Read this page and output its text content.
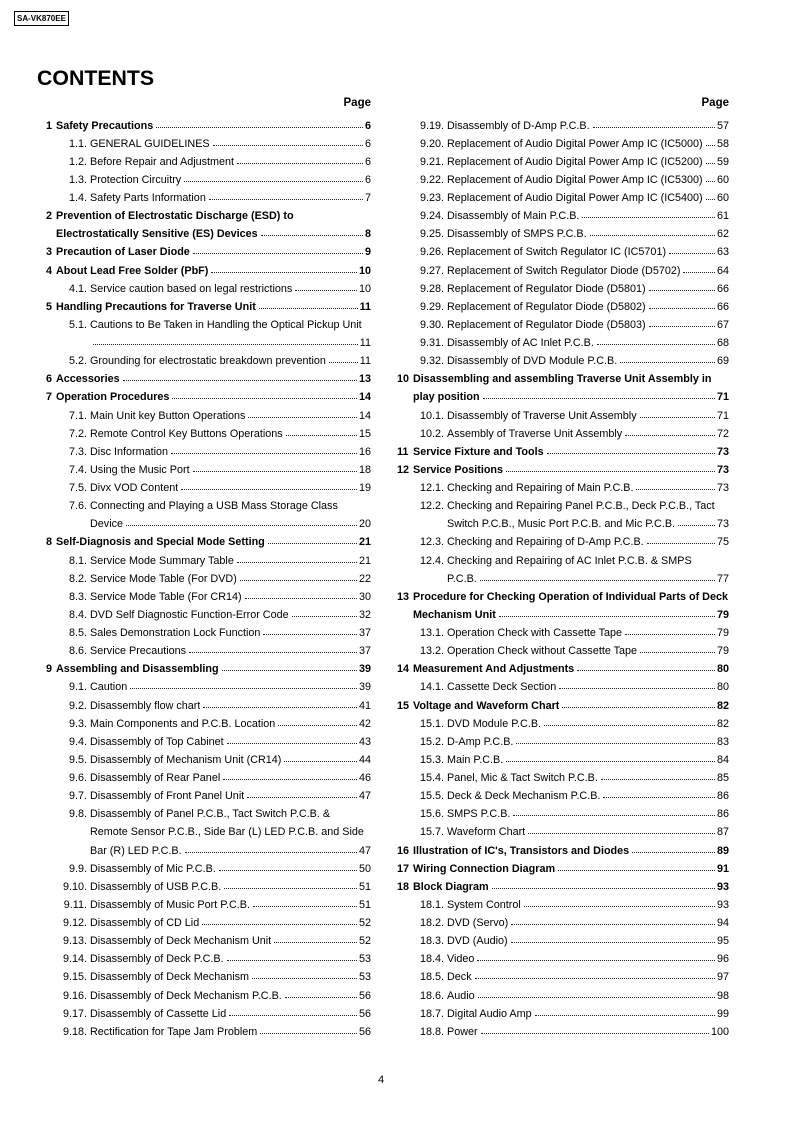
SA-VK870EE
CONTENTS
Page	Page
1 Safety Precautions	6
1.1. GENERAL GUIDELINES	6
1.2. Before Repair and Adjustment	6
1.3. Protection Circuitry	6
1.4. Safety Parts Information	7
2 Prevention of Electrostatic Discharge (ESD) to
Electrostatically Sensitive (ES) Devices	8
3 Precaution of Laser Diode	9
4 About Lead Free Solder (PbF)	10
4.1. Service caution based on legal restrictions	10
5 Handling Precautions for Traverse Unit	11
5.1. Cautions to Be Taken in Handling the Optical Pickup Unit
11
5.2. Grounding for electrostatic breakdown prevention	11
6 Accessories	13
7 Operation Procedures	14
7.1. Main Unit key Button Operations	14
7.2. Remote Control Key Buttons Operations	15
7.3. Disc Information	16
7.4. Using the Music Port	18
7.5. Divx VOD Content	19
7.6. Connecting and Playing a USB Mass Storage Class
Device	20
8 Self-Diagnosis and Special Mode Setting	21
8.1. Service Mode Summary Table	21
8.2. Service Mode Table (For DVD)	22
8.3. Service Mode Table (For CR14)	30
8.4. DVD Self Diagnostic Function-Error Code	32
8.5. Sales Demonstration Lock Function	37
8.6. Service Precautions	37
9 Assembling and Disassembling	39
9.1. Caution	39
9.2. Disassembly flow chart	41
9.3. Main Components and P.C.B. Location	42
9.4. Disassembly of Top Cabinet	43
9.5. Disassembly of Mechanism Unit (CR14)	44
9.6. Disassembly of Rear Panel	46
9.7. Disassembly of Front Panel Unit	47
9.8. Disassembly of Panel P.C.B., Tact Switch P.C.B. &
Remote Sensor P.C.B., Side Bar (L) LED P.C.B. and Side
Bar (R) LED P.C.B.	47
9.9. Disassembly of Mic P.C.B.	50
9.10. Disassembly of USB P.C.B.	51
9.11. Disassembly of Music Port P.C.B.	51
9.12. Disassembly of CD Lid	52
9.13. Disassembly of Deck Mechanism Unit	52
9.14. Disassembly of Deck P.C.B.	53
9.15. Disassembly of Deck Mechanism	53
9.16. Disassembly of Deck Mechanism P.C.B.	56
9.17. Disassembly of Cassette Lid	56
9.18. Rectification for Tape Jam Problem	56
9.19. Disassembly of D-Amp P.C.B.	57
9.20. Replacement of Audio Digital Power Amp IC (IC5000) 58
9.21. Replacement of Audio Digital Power Amp IC (IC5200) 59
9.22. Replacement of Audio Digital Power Amp IC (IC5300) 60
9.23. Replacement of Audio Digital Power Amp IC (IC5400) 60
9.24. Disassembly of Main P.C.B.	61
9.25. Disassembly of SMPS P.C.B.	62
9.26. Replacement of Switch Regulator IC (IC5701)	63
9.27. Replacement of Switch Regulator Diode (D5702)	64
9.28. Replacement of Regulator Diode (D5801)	66
9.29. Replacement of Regulator Diode (D5802)	66
9.30. Replacement of Regulator Diode (D5803)	67
9.31. Disassembly of AC Inlet P.C.B.	68
9.32. Disassembly of DVD Module P.C.B.	69
10 Disassembling and assembling Traverse Unit Assembly in
play position	71
10.1. Disassembly of Traverse Unit Assembly	71
10.2. Assembly of Traverse Unit Assembly	72
11 Service Fixture and Tools	73
12 Service Positions	73
12.1. Checking and Repairing of Main P.C.B.	73
12.2. Checking and Repairing Panel P.C.B., Deck P.C.B., Tact
Switch P.C.B., Music Port P.C.B. and Mic P.C.B.	73
12.3. Checking and Repairing of D-Amp P.C.B.	75
12.4. Checking and Repairing of AC Inlet P.C.B. & SMPS
P.C.B.	77
13 Procedure for Checking Operation of Individual Parts of Deck
Mechanism Unit	79
13.1. Operation Check with Cassette Tape	79
13.2. Operation Check without Cassette Tape	79
14 Measurement And Adjustments	80
14.1. Cassette Deck Section	80
15 Voltage and Waveform Chart	82
15.1. DVD Module P.C.B.	82
15.2. D-Amp P.C.B.	83
15.3. Main P.C.B.	84
15.4. Panel, Mic & Tact Switch P.C.B.	85
15.5. Deck & Deck Mechanism P.C.B.	86
15.6. SMPS P.C.B.	86
15.7. Waveform Chart	87
16 Illustration of IC's, Transistors and Diodes	89
17 Wiring Connection Diagram	91
18 Block Diagram	93
18.1. System Control	93
18.2. DVD (Servo)	94
18.3. DVD (Audio)	95
18.4. Video	96
18.5. Deck	97
18.6. Audio	98
18.7. Digital Audio Amp	99
18.8. Power	100
4
